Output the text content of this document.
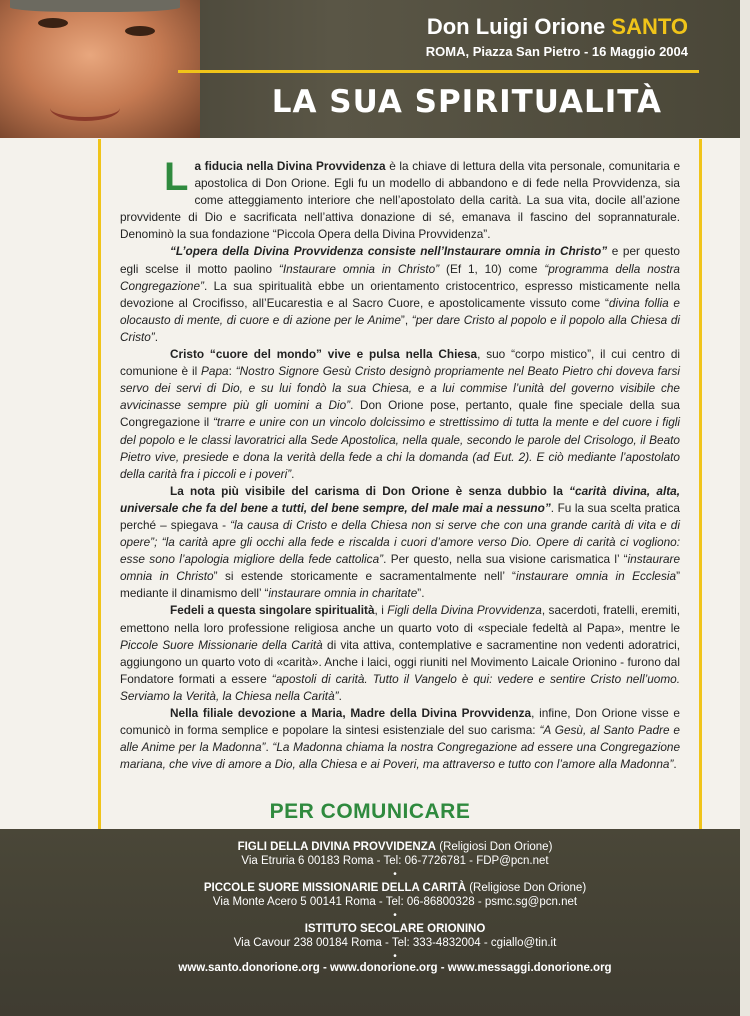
Don Luigi Orione SANTO
ROMA, Piazza San Pietro - 16 Maggio 2004
LA SUA SPIRITUALITÀ

La fiducia nella Divina Provvidenza è la chiave di lettura della vita personale, comunitaria e apostolica di Don Orione. Egli fu un modello di abbandono e di fede nella Provvidenza, sia come atteggiamento interiore che nell’apostolato della carità. La sua vita, docile all’azione provvidente di Dio e sacrificata nell’attiva donazione di sé, emanava il fascino del soprannaturale. Denominò la sua fondazione “Piccola Opera della Divina Provvidenza”.

“L’opera della Divina Provvidenza consiste nell’Instaurare omnia in Christo” e per questo egli scelse il motto paolino “Instaurare omnia in Christo” (Ef 1, 10) come “programma della nostra Congregazione”. La sua spiritualità ebbe un orientamento cristocentrico, espresso misticamente nella devozione al Crocifisso, all’Eucarestia e al Sacro Cuore, e apostolicamente vissuto come “divina follia e olocausto di mente, di cuore e di azione per le Anime”, “per dare Cristo al popolo e il popolo alla Chiesa di Cristo”.

Cristo “cuore del mondo” vive e pulsa nella Chiesa, suo “corpo mistico”, il cui centro di comunione è il Papa: “Nostro Signore Gesù Cristo designò propriamente nel Beato Pietro chi doveva farsi servo dei servi di Dio, e su lui fondò la sua Chiesa, e a lui commise l’unità del governo visibile che avvicinasse sempre più gli uomini a Dio”. Don Orione pose, pertanto, quale fine speciale della sua Congregazione il “trarre e unire con un vincolo dolcissimo e strettissimo di tutta la mente e del cuore i figli del popolo e le classi lavoratrici alla Sede Apostolica, nella quale, secondo le parole del Crisologo, il Beato Pietro vive, presiede e dona la verità della fede a chi la domanda (ad Eut. 2). E ciò mediante l’apostolato della carità fra i piccoli e i poveri”.

La nota più visibile del carisma di Don Orione è senza dubbio la “carità divina, alta, universale che fa del bene a tutti, del bene sempre, del male mai a nessuno”. Fu la sua scelta pratica perché – spiegava - “la causa di Cristo e della Chiesa non si serve che con una grande carità di vita e di opere”; “la carità apre gli occhi alla fede e riscalda i cuori d’amore verso Dio. Opere di carità ci vogliono: esse sono l’apologia migliore della fede cattolica”. Per questo, nella sua visione carismatica l’ “instaurare omnia in Christo” si estende storicamente e sacramentalmente nell’ “instaurare omnia in Ecclesia” mediante il dinamismo dell’ “instaurare omnia in charitate”.

Fedeli a questa singolare spiritualità, i Figli della Divina Provvidenza, sacerdoti, fratelli, eremiti, emettono nella loro professione religiosa anche un quarto voto di «speciale fedeltà al Papa», mentre le Piccole Suore Missionarie della Carità di vita attiva, contemplative e sacramentine non vedenti adoratrici, aggiungono un quarto voto di «carità». Anche i laici, oggi riuniti nel Movimento Laicale Orionino - furono dal Fondatore formati a essere “apostoli di carità. Tutto il Vangelo è qui: vedere e sentire Cristo nell’uomo. Serviamo la Verità, la Chiesa nella Carità”.

Nella filiale devozione a Maria, Madre della Divina Provvidenza, infine, Don Orione visse e comunicò in forma semplice e popolare la sintesi esistenziale del suo carisma: “A Gesù, al Santo Padre e alle Anime per la Madonna”. “La Madonna chiama la nostra Congregazione ad essere una Congregazione mariana, che vive di amore a Dio, alla Chiesa e ai Poveri, ma attraverso e tutto con l’amore alla Madonna”.

PER COMUNICARE
FIGLI DELLA DIVINA PROVVIDENZA (Religiosi Don Orione)
Via Etruria 6 00183 Roma - Tel: 06-7726781 - FDP@pcn.net
•
PICCOLE SUORE MISSIONARIE DELLA CARITÀ (Religiose Don Orione)
Via Monte Acero 5 00141 Roma - Tel: 06-86800328 - psmc.sg@pcn.net
•
ISTITUTO SECOLARE ORIONINO
Via Cavour 238 00184 Roma - Tel: 333-4832004 - cgiallo@tin.it
•
www.santo.donorione.org - www.donorione.org - www.messaggi.donorione.org
